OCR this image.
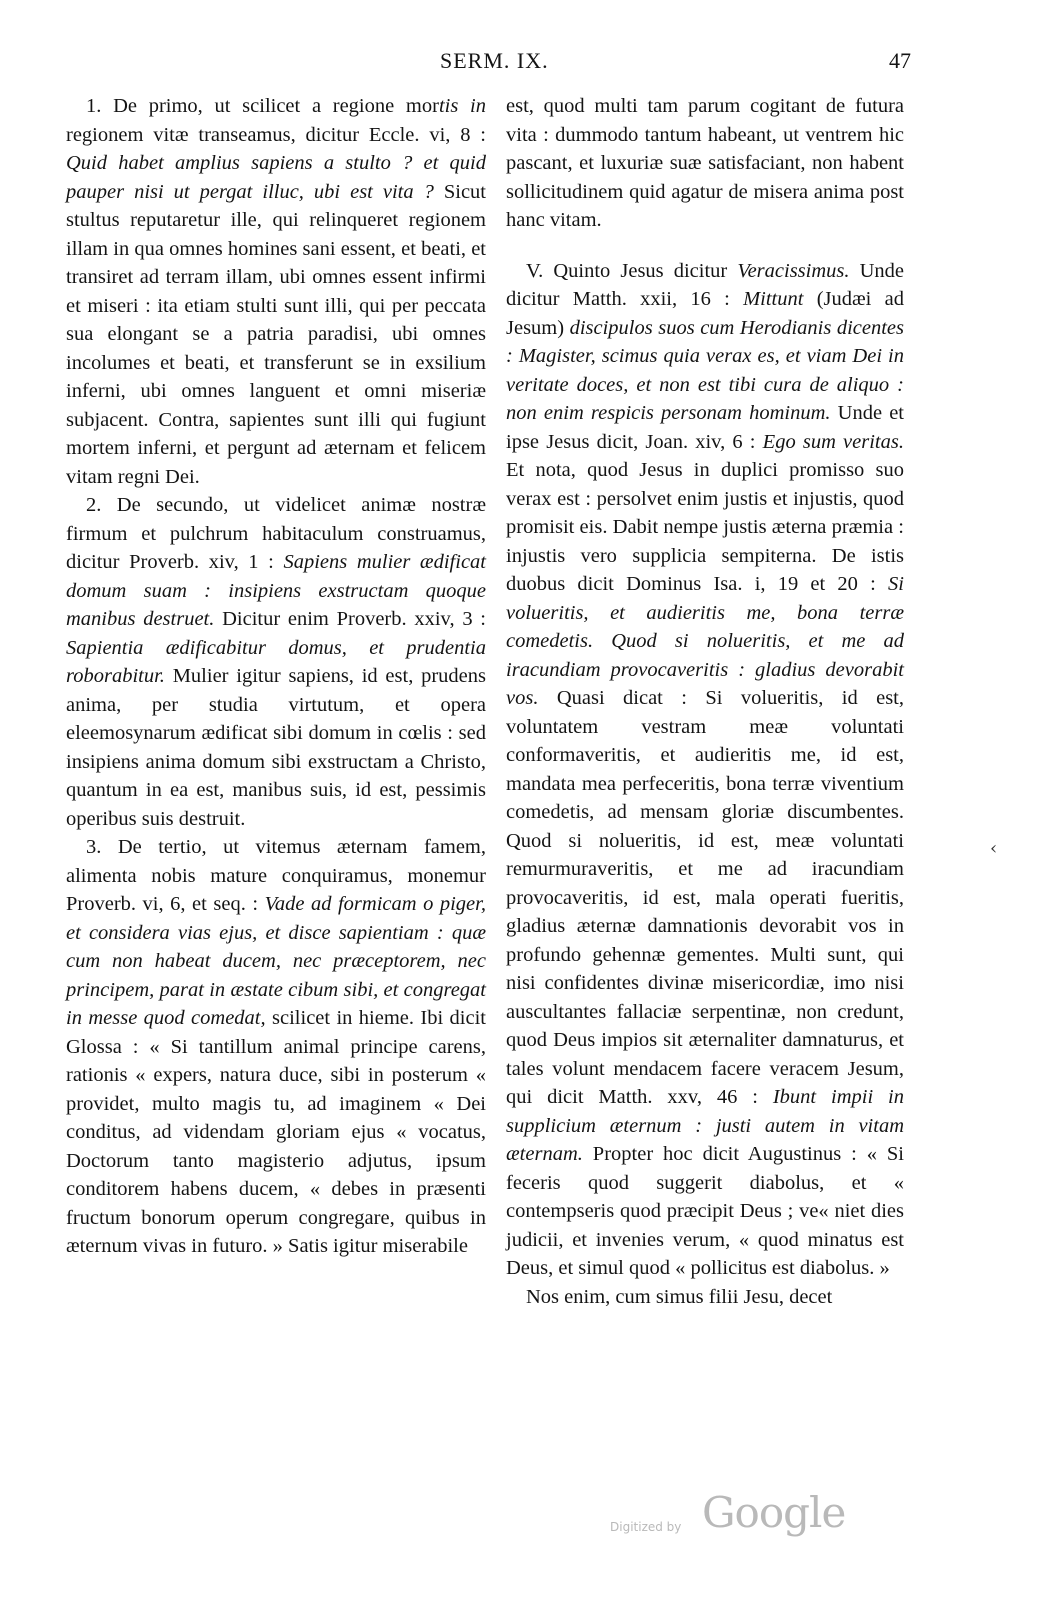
SERM. IX.	47

1. De primo, ut scilicet a regione mortis in regionem vitæ transeamus, dicitur Eccle. vi, 8 : Quid habet amplius sapiens a stulto ? et quid pauper nisi ut pergat illuc, ubi est vita ? Sicut stultus reputaretur ille, qui relinqueret regionem illam in qua omnes homines sani essent, et beati, et transiret ad terram illam, ubi omnes essent infirmi et miseri : ita etiam stulti sunt illi, qui per peccata sua elongant se a patria paradisi, ubi omnes incolumes et beati, et transferunt se in exsilium inferni, ubi omnes languent et omni miseriæ subjacent. Contra, sapientes sunt illi qui fugiunt mortem inferni, et pergunt ad æternam et felicem vitam regni Dei.

2. De secundo, ut videlicet animæ nostræ firmum et pulchrum habitaculum construamus, dicitur Proverb. xiv, 1 : Sapiens mulier ædificat domum suam : insipiens exstructam quoque manibus destruet. Dicitur enim Proverb. xxiv, 3 : Sapientia ædificabitur domus, et prudentia roborabitur. Mulier igitur sapiens, id est, prudens anima, per studia virtutum, et opera eleemosynarum ædificat sibi domum in cœlis : sed insipiens anima domum sibi exstructam a Christo, quantum in ea est, manibus suis, id est, pessimis operibus suis destruit.

3. De tertio, ut vitemus æternam famem, alimenta nobis mature conquiramus, monemur Proverb. vi, 6, et seq. : Vade ad formicam o piger, et considera vias ejus, et disce sapientiam : quæ cum non habeat ducem, nec præceptorem, nec principem, parat in æstate cibum sibi, et congregat in messe quod comedat, scilicet in hieme. Ibi dicit Glossa : « Si tantillum animal principe carens, rationis « expers, natura duce, sibi in posterum « providet, multo magis tu, ad imaginem « Dei conditus, ad videndam gloriam ejus « vocatus, Doctorum tanto magisterio adjutus, ipsum conditorem habens ducem, « debes in præsenti fructum bonorum operum congregare, quibus in æternum vivas in futuro. » Satis igitur miserabile

est, quod multi tam parum cogitant de futura vita : dummodo tantum habeant, ut ventrem hic pascant, et luxuriæ suæ satisfaciant, non habent sollicitudinem quid agatur de misera anima post hanc vitam.

V. Quinto Jesus dicitur Veracissimus. Unde dicitur Matth. xxii, 16 : Mittunt (Judæi ad Jesum) discipulos suos cum Herodianis dicentes : Magister, scimus quia verax es, et viam Dei in veritate doces, et non est tibi cura de aliquo : non enim respicis personam hominum. Unde et ipse Jesus dicit, Joan. xiv, 6 : Ego sum veritas. Et nota, quod Jesus in duplici promisso suo verax est : persolvet enim justis et injustis, quod promisit eis. Dabit nempe justis æterna præmia : injustis vero supplicia sempiterna. De istis duobus dicit Dominus Isa. i, 19 et 20 : Si volueritis, et audieritis me, bona terræ comedetis. Quod si nolueritis, et me ad iracundiam provocaveritis : gladius devorabit vos. Quasi dicat : Si volueritis, id est, voluntatem vestram meæ voluntati conformaveritis, et audieritis me, id est, mandata mea perfeceritis, bona terræ viventium comedetis, ad mensam gloriæ discumbentes. Quod si nolueritis, id est, meæ voluntati remurmuraveritis, et me ad iracundiam provocaveritis, id est, mala operati fueritis, gladius æternæ damnationis devorabit vos in profundo gehennæ gementes. Multi sunt, qui nisi confidentes divinæ misericordiæ, imo nisi auscultantes fallaciæ serpentinæ, non credunt, quod Deus impios sit æternaliter damnaturus, et tales volunt mendacem facere veracem Jesum, qui dicit Matth. xxv, 46 : Ibunt impii in supplicium æternum : justi autem in vitam æternam. Propter hoc dicit Augustinus : « Si feceris quod suggerit diabolus, et « contempseris quod præcipit Deus ; ve« niet dies judicii, et invenies verum, « quod minatus est Deus, et simul quod « pollicitus est diabolus. »

Nos enim, cum simus filii Jesu, decet

‹
Digitized by Google
